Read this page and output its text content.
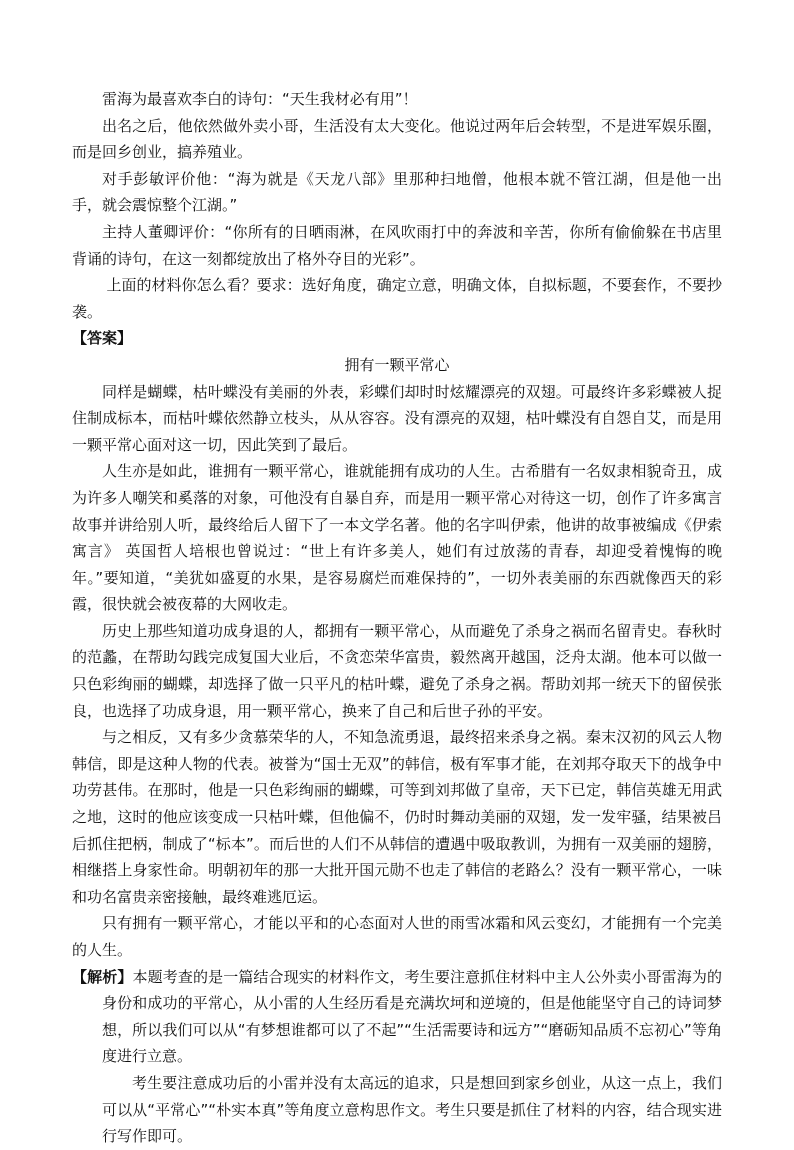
雷海为最喜欢李白的诗句：“天生我材必有用”！

出名之后，他依然做外卖小哥，生活没有太大变化。他说过两年后会转型，不是进军娱乐圈，而是回乡创业，搞养殖业。

对手彭敏评价他：“海为就是《天龙八部》里那种扫地僧，他根本就不管江湖，但是他一出手，就会震惊整个江湖。”

主持人董卿评价：“你所有的日晒雨淋，在风吹雨打中的奔波和辛苦，你所有偷偷躲在书店里背诵的诗句，在这一刻都绽放出了格外夺目的光彩”。

上面的材料你怎么看？要求：选好角度，确定立意，明确文体，自拟标题，不要套作，不要抄袭。

【答案】

拥有一颗平常心

同样是蝴蝶，枯叶蝶没有美丽的外表，彩蝶们却时时炫耀漂亮的双翅。可最终许多彩蝶被人捉住制成标本，而枯叶蝶依然静立枝头，从从容容。没有漂亮的双翅，枯叶蝶没有自怨自艾，而是用一颗平常心面对这一切，因此笑到了最后。

人生亦是如此，谁拥有一颗平常心，谁就能拥有成功的人生。古希腊有一名奴隶相貌奇丑，成为许多人嘲笑和奚落的对象，可他没有自暴自弃，而是用一颗平常心对待这一切，创作了许多寓言故事并讲给别人听，最终给后人留下了一本文学名著。他的名字叫伊索，他讲的故事被编成《伊索寓言》 英国哲人培根也曾说过：“世上有许多美人，她们有过放荡的青春，却迎受着愧悔的晚年。”要知道，“美犹如盛夏的水果，是容易腐烂而难保持的”，一切外表美丽的东西就像西天的彩霞，很快就会被夜幕的大网收走。

历史上那些知道功成身退的人，都拥有一颗平常心，从而避免了杀身之祸而名留青史。春秋时的范蠡，在帮助勾践完成复国大业后，不贪恋荣华富贵，毅然离开越国，泛舟太湖。他本可以做一只色彩绚丽的蝴蝶，却选择了做一只平凡的枯叶蝶，避免了杀身之祸。帮助刘邦一统天下的留侯张良，也选择了功成身退，用一颗平常心，换来了自己和后世子孙的平安。

与之相反，又有多少贪慕荣华的人，不知急流勇退，最终招来杀身之祸。秦末汉初的风云人物韩信，即是这种人物的代表。被誉为“国士无双”的韩信，极有军事才能，在刘邦夺取天下的战争中功劳甚伟。在那时，他是一只色彩绚丽的蝴蝶，可等到刘邦做了皇帝，天下已定，韩信英雄无用武之地，这时的他应该变成一只枯叶蝶，但他偏不，仍时时舞动美丽的双翅，发一发牢骚，结果被吕后抓住把柄，制成了“标本”。而后世的人们不从韩信的遭遇中吸取教训，为拥有一双美丽的翅膀，相继搭上身家性命。明朝初年的那一大批开国元勋不也走了韩信的老路么？没有一颗平常心，一味和功名富贵亲密接触，最终难逃厄运。

只有拥有一颗平常心，才能以平和的心态面对人世的雨雪冰霜和风云变幻，才能拥有一个完美的人生。

【解析】本题考查的是一篇结合现实的材料作文，考生要注意抓住材料中主人公外卖小哥雷海为的身份和成功的平常心，从小雷的人生经历看是充满坎坷和逆境的，但是他能坚守自己的诗词梦想，所以我们可以从“有梦想谁都可以了不起”“生活需要诗和远方”“磨砺知品质不忘初心”等角度进行立意。

考生要注意成功后的小雷并没有太高远的追求，只是想回到家乡创业，从这一点上，我们可以从“平常心”“朴实本真”等角度立意构思作文。考生只要是抓住了材料的内容，结合现实进行写作即可。
